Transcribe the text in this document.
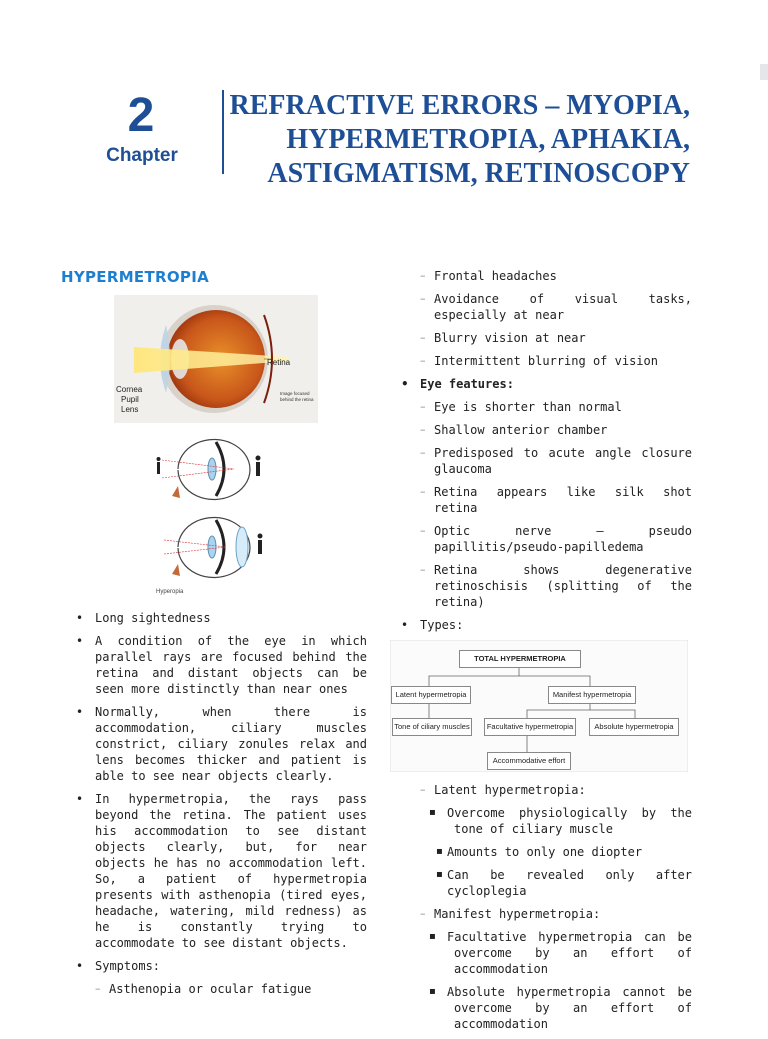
2
Chapter
REFRACTIVE ERRORS – MYOPIA,
HYPERMETROPIA, APHAKIA,
ASTIGMATISM, RETINOSCOPY
HYPERMETROPIA
Retina
Cornea
Pupil
Lens
Image focused
behind the retina
Hyperopia
• Long sightedness
• A condition of the eye in which parallel rays are focused behind the retina and distant objects can be seen more distinctly than near ones
• Normally, when there is accommodation, ciliary muscles constrict, ciliary zonules relax and lens becomes thicker and patient is able to see near objects clearly.
• In hypermetropia, the rays pass beyond the retina. The patient uses his accommodation to see distant objects clearly, but, for near objects he has no accommodation left. So, a patient of hypermetropia presents with asthenopia (tired eyes, headache, watering, mild redness) as he is constantly trying to accommodate to see distant objects.
• Symptoms:
– Asthenopia or ocular fatigue
– Frontal headaches
– Avoidance of visual tasks, especially at near
– Blurry vision at near
– Intermittent blurring of vision
• Eye features:
– Eye is shorter than normal
– Shallow anterior chamber
– Predisposed to acute angle closure glaucoma
– Retina appears like silk shot retina
– Optic nerve – pseudo papillitis/pseudo-papilledema
– Retina shows degenerative retinoschisis (splitting of the retina)
• Types:
TOTAL HYPERMETROPIA
Latent hypermetropia	Manifest hypermetropia
Tone of ciliary muscles	Facultative hypermetropia	Absolute hypermetropia
Accommodative effort
– Latent hypermetropia:
▪ Overcome physiologically by the tone of ciliary muscle
▪ Amounts to only one diopter
▪ Can be revealed only after cycloplegia
– Manifest hypermetropia:
▪ Facultative hypermetropia can be overcome by an effort of accommodation
▪ Absolute hypermetropia cannot be overcome by an effort of accommodation
